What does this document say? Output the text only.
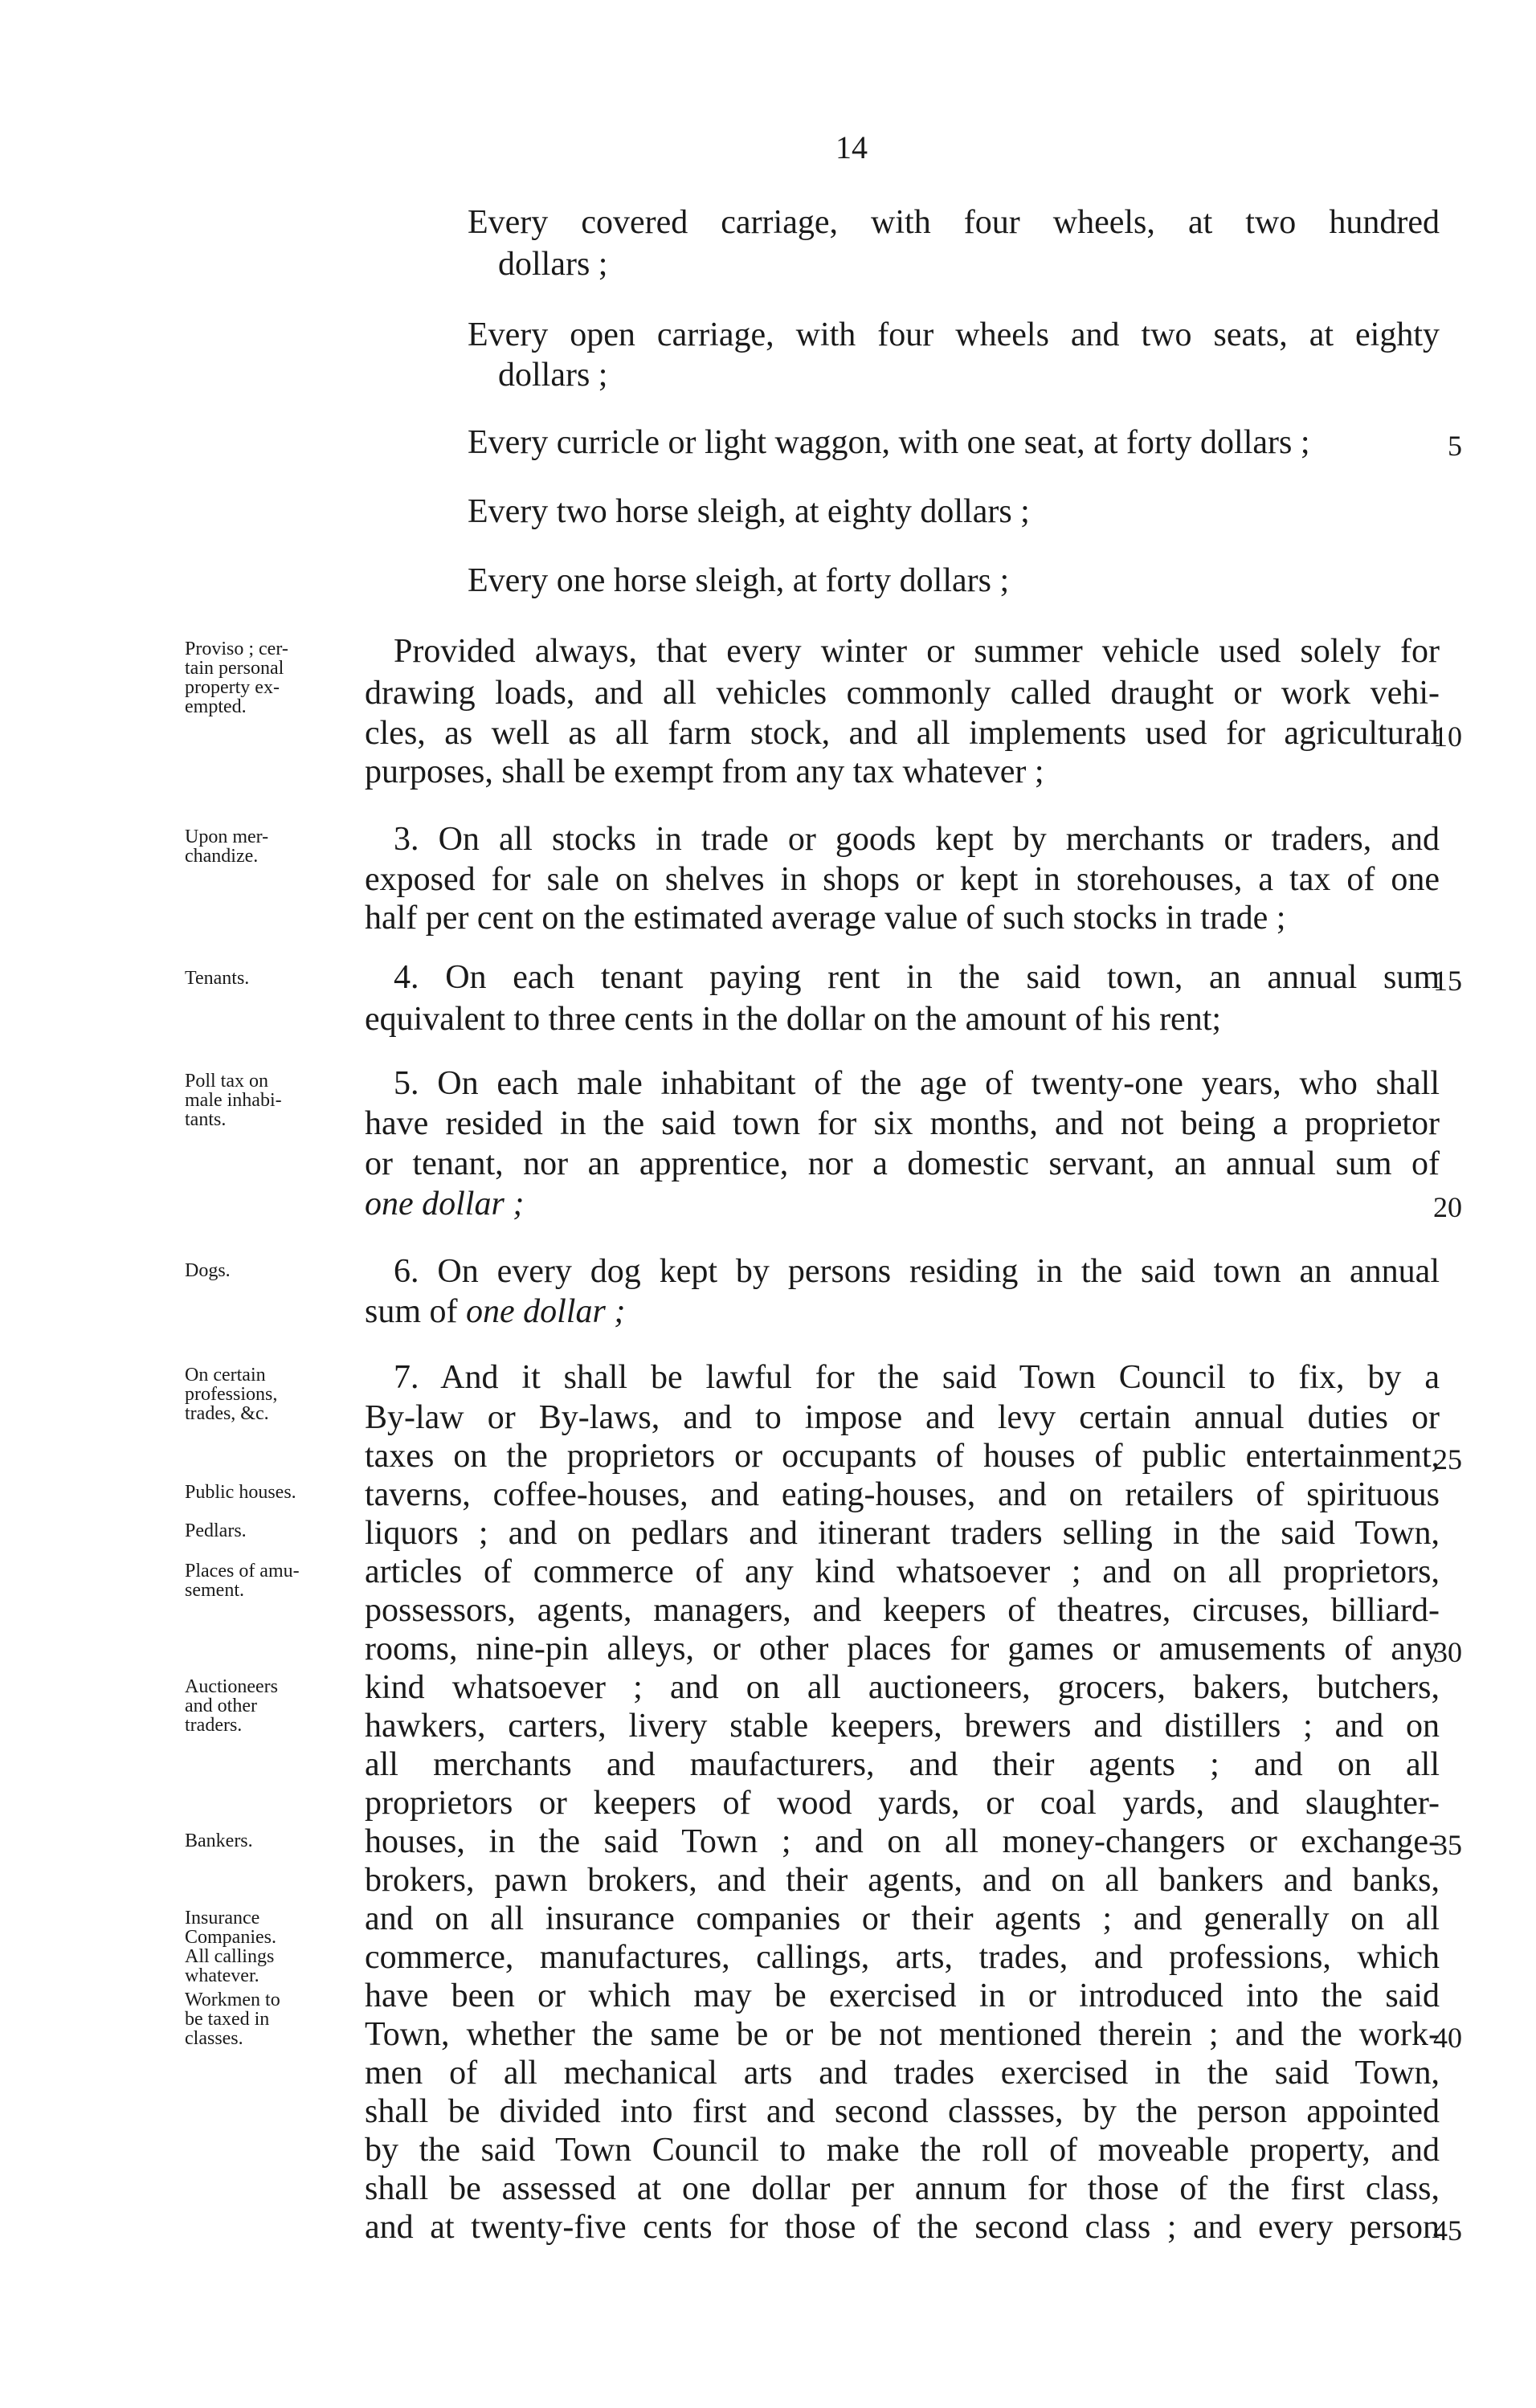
14
Every covered carriage, with four wheels, at two hundred
dollars ;
Every open carriage, with four wheels and two seats, at eighty
dollars ;
Every curricle or light waggon, with one seat, at forty dollars ;
Every two horse sleigh, at eighty dollars ;
Every one horse sleigh, at forty dollars ;
Provided always, that every winter or summer vehicle used solely for
drawing loads, and all vehicles commonly called draught or work vehi-
cles, as well as all farm stock, and all implements used for agricultural
purposes, shall be exempt from any tax whatever ;
3. On all stocks in trade or goods kept by merchants or traders, and
exposed for sale on shelves in shops or kept in storehouses, a tax of one
half per cent on the estimated average value of such stocks in trade ;
4. On each tenant paying rent in the said town, an annual sum
equivalent to three cents in the dollar on the amount of his rent;
5. On each male inhabitant of the age of twenty-one years, who shall
have resided in the said town for six months, and not being a proprietor
or tenant, nor an apprentice, nor a domestic servant, an annual sum of
one dollar ;
6. On every dog kept by persons residing in the said town an annual
sum of one dollar ;
7. And it shall be lawful for the said Town Council to fix, by a
By-law or By-laws, and to impose and levy certain annual duties or
taxes on the proprietors or occupants of houses of public entertainment,
taverns, coffee-houses, and eating-houses, and on retailers of spirituous
liquors ; and on pedlars and itinerant traders selling in the said Town,
articles of commerce of any kind whatsoever ; and on all proprietors,
possessors, agents, managers, and keepers of theatres, circuses, billiard-
rooms, nine-pin alleys, or other places for games or amusements of any
kind whatsoever ; and on all auctioneers, grocers, bakers, butchers,
hawkers, carters, livery stable keepers, brewers and distillers ; and on
all merchants and maufacturers, and their agents ; and on all
proprietors or keepers of wood yards, or coal yards, and slaughter-
houses, in the said Town ; and on all money-changers or exchange-
brokers, pawn brokers, and their agents, and on all bankers and banks,
and on all insurance companies or their agents ; and generally on all
commerce, manufactures, callings, arts, trades, and professions, which
have been or which may be exercised in or introduced into the said
Town, whether the same be or be not mentioned therein ; and the work-
men of all mechanical arts and trades exercised in the said Town,
shall be divided into first and second classses, by the person appointed
by the said Town Council to make the roll of moveable property, and
shall be assessed at one dollar per annum for those of the first class,
and at twenty-five cents for those of the second class ; and every person
Proviso ; cer-
tain personal
property ex-
empted.
Upon mer-
chandize.
Tenants.
Poll tax on
male inhabi-
tants.
Dogs.
On certain
professions,
trades, &c.
Public houses.
Pedlars.
Places of amu-
sement.
Auctioneers
and other
traders.
Bankers.
Insurance
Companies.
All callings
whatever.
Workmen to
be taxed in
classes.
5
10
15
20
25
30
35
40
45
